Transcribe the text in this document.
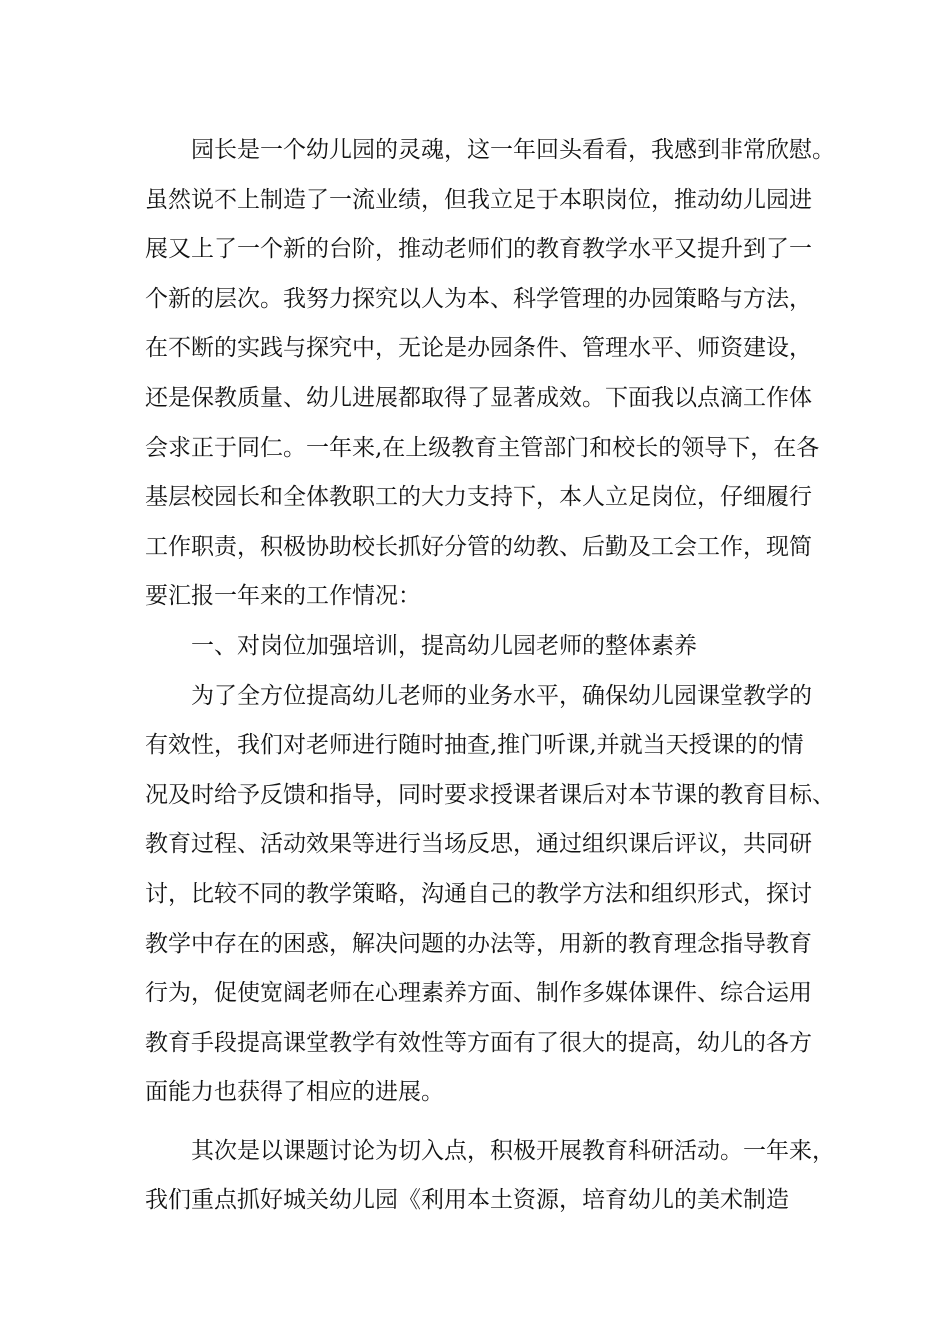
园长是一个幼儿园的灵魂，这一年回头看看，我感到非常欣慰。
虽然说不上制造了一流业绩，但我立足于本职岗位，推动幼儿园进
展又上了一个新的台阶，推动老师们的教育教学水平又提升到了一
个新的层次。我努力探究以人为本、科学管理的办园策略与方法，
在不断的实践与探究中，无论是办园条件、管理水平、师资建设，
还是保教质量、幼儿进展都取得了显著成效。下面我以点滴工作体
会求正于同仁。一年来,在上级教育主管部门和校长的领导下，在各
基层校园长和全体教职工的大力支持下，本人立足岗位，仔细履行
工作职责，积极协助校长抓好分管的幼教、后勤及工会工作，现简
要汇报一年来的工作情况：
一、对岗位加强培训，提高幼儿园老师的整体素养
为了全方位提高幼儿老师的业务水平，确保幼儿园课堂教学的
有效性，我们对老师进行随时抽查,推门听课,并就当天授课的的情
况及时给予反馈和指导，同时要求授课者课后对本节课的教育目标、
教育过程、活动效果等进行当场反思，通过组织课后评议，共同研
讨，比较不同的教学策略，沟通自己的教学方法和组织形式，探讨
教学中存在的困惑，解决问题的办法等，用新的教育理念指导教育
行为，促使宽阔老师在心理素养方面、制作多媒体课件、综合运用
教育手段提高课堂教学有效性等方面有了很大的提高，幼儿的各方
面能力也获得了相应的进展。
其次是以课题讨论为切入点，积极开展教育科研活动。一年来，
我们重点抓好城关幼儿园《利用本土资源，培育幼儿的美术制造
